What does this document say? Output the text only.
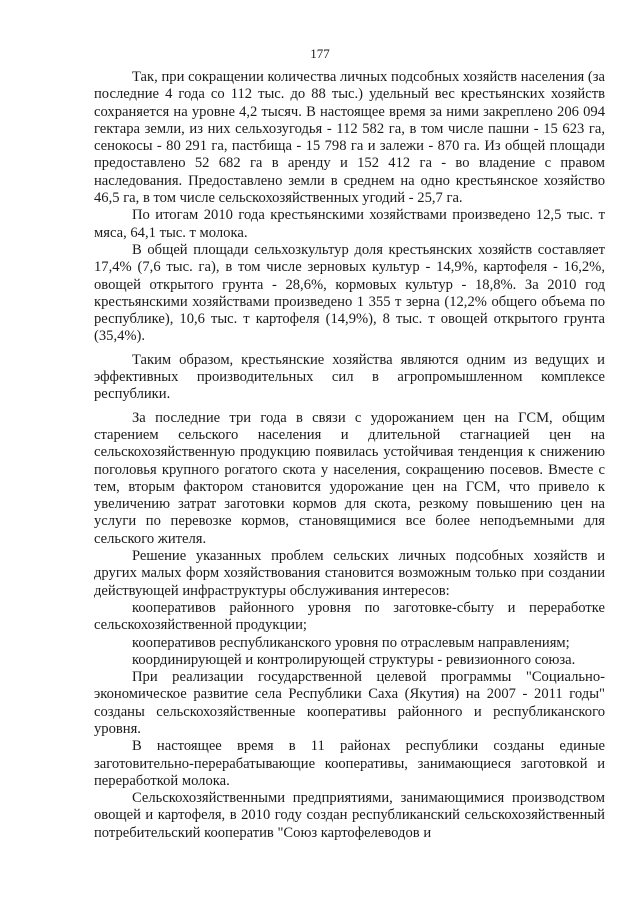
177

Так, при сокращении количества личных подсобных хозяйств населения (за последние 4 года со 112 тыс. до 88 тыс.) удельный вес крестьянских хозяйств сохраняется на уровне 4,2 тысяч. В настоящее время за ними закреплено 206 094 гектара земли, из них сельхозугодья - 112 582 га, в том числе пашни - 15 623 га, сенокосы - 80 291 га, пастбища - 15 798 га и залежи - 870 га. Из общей площади предоставлено 52 682 га в аренду и 152 412 га - во владение с правом наследования. Предоставлено земли в среднем на одно крестьянское хозяйство 46,5 га, в том числе сельскохозяйственных угодий - 25,7 га.

По итогам 2010 года крестьянскими хозяйствами произведено 12,5 тыс. т мяса, 64,1 тыс. т молока.

В общей площади сельхозкультур доля крестьянских хозяйств составляет 17,4% (7,6 тыс. га), в том числе зерновых культур - 14,9%, картофеля - 16,2%, овощей открытого грунта - 28,6%, кормовых культур - 18,8%. За 2010 год крестьянскими хозяйствами произведено 1 355 т зерна (12,2% общего объема по республике), 10,6 тыс. т картофеля (14,9%), 8 тыс. т овощей открытого грунта (35,4%).

Таким образом, крестьянские хозяйства являются одним из ведущих и эффективных производительных сил в агропромышленном комплексе республики.

За последние три года в связи с удорожанием цен на ГСМ, общим старением сельского населения и длительной стагнацией цен на сельскохозяйственную продукцию появилась устойчивая тенденция к снижению поголовья крупного рогатого скота у населения, сокращению посевов. Вместе с тем, вторым фактором становится удорожание цен на ГСМ, что привело к увеличению затрат заготовки кормов для скота, резкому повышению цен на услуги по перевозке кормов, становящимися все более неподъемными для сельского жителя.

Решение указанных проблем сельских личных подсобных хозяйств и других малых форм хозяйствования становится возможным только при создании действующей инфраструктуры обслуживания интересов:

кооперативов районного уровня по заготовке-сбыту и переработке сельскохозяйственной продукции;

кооперативов республиканского уровня по отраслевым направлениям;

координирующей и контролирующей структуры - ревизионного союза.

При реализации государственной целевой программы "Социально-экономическое развитие села Республики Саха (Якутия) на 2007 - 2011 годы" созданы сельскохозяйственные кооперативы районного и республиканского уровня.

В настоящее время в 11 районах республики созданы единые заготовительно-перерабатывающие кооперативы, занимающиеся заготовкой и переработкой молока.

Сельскохозяйственными предприятиями, занимающимися производством овощей и картофеля, в 2010 году создан республиканский сельскохозяйственный потребительский кооператив "Союз картофелеводов и
